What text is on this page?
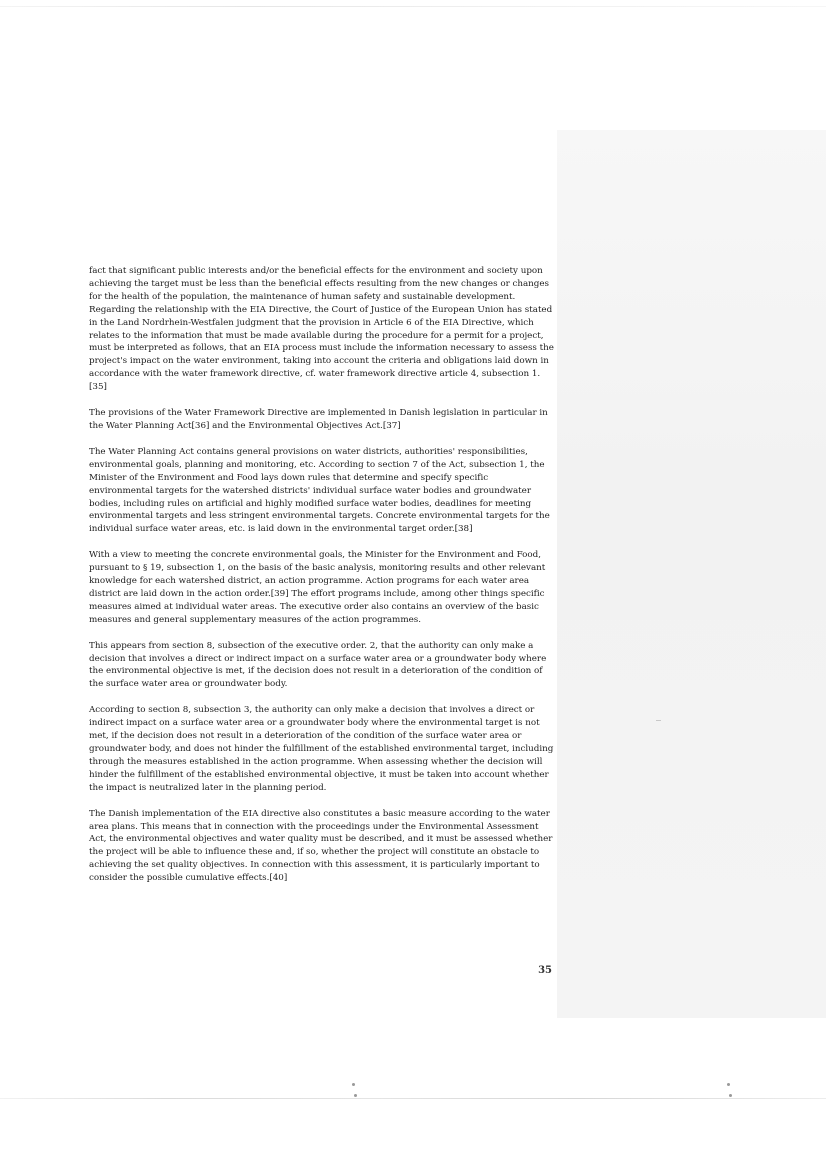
fact that significant public interests and/or the beneficial effects for the environment and society upon achieving the target must be less than the beneficial effects resulting from the new changes or changes for the health of the population, the maintenance of human safety and sustainable development. Regarding the relationship with the EIA Directive, the Court of Justice of the European Union has stated in the Land Nordrhein-Westfalen judgment that the provision in Article 6 of the EIA Directive, which relates to the information that must be made available during the procedure for a permit for a project, must be interpreted as follows, that an EIA process must include the information necessary to assess the project's impact on the water environment, taking into account the criteria and obligations laid down in accordance with the water framework directive, cf. water framework directive article 4, subsection 1.[35]

The provisions of the Water Framework Directive are implemented in Danish legislation in particular in the Water Planning Act[36] and the Environmental Objectives Act.[37]

The Water Planning Act contains general provisions on water districts, authorities' responsibilities, environmental goals, planning and monitoring, etc. According to section 7 of the Act, subsection 1, the Minister of the Environment and Food lays down rules that determine and specify specific environmental targets for the watershed districts' individual surface water bodies and groundwater bodies, including rules on artificial and highly modified surface water bodies, deadlines for meeting environmental targets and less stringent environmental targets. Concrete environmental targets for the individual surface water areas, etc. is laid down in the environmental target order.[38]

With a view to meeting the concrete environmental goals, the Minister for the Environment and Food, pursuant to § 19, subsection 1, on the basis of the basic analysis, monitoring results and other relevant knowledge for each watershed district, an action programme. Action programs for each water area district are laid down in the action order.[39] The effort programs include, among other things specific measures aimed at individual water areas. The executive order also contains an overview of the basic measures and general supplementary measures of the action programmes.

This appears from section 8, subsection of the executive order. 2, that the authority can only make a decision that involves a direct or indirect impact on a surface water area or a groundwater body where the environmental objective is met, if the decision does not result in a deterioration of the condition of the surface water area or groundwater body.

According to section 8, subsection 3, the authority can only make a decision that involves a direct or indirect impact on a surface water area or a groundwater body where the environmental target is not met, if the decision does not result in a deterioration of the condition of the surface water area or groundwater body, and does not hinder the fulfillment of the established environmental target, including through the measures established in the action programme. When assessing whether the decision will hinder the fulfillment of the established environmental objective, it must be taken into account whether the impact is neutralized later in the planning period.

The Danish implementation of the EIA directive also constitutes a basic measure according to the water area plans. This means that in connection with the proceedings under the Environmental Assessment Act, the environmental objectives and water quality must be described, and it must be assessed whether the project will be able to influence these and, if so, whether the project will constitute an obstacle to achieving the set quality objectives. In connection with this assessment, it is particularly important to consider the possible cumulative effects.[40]

35
